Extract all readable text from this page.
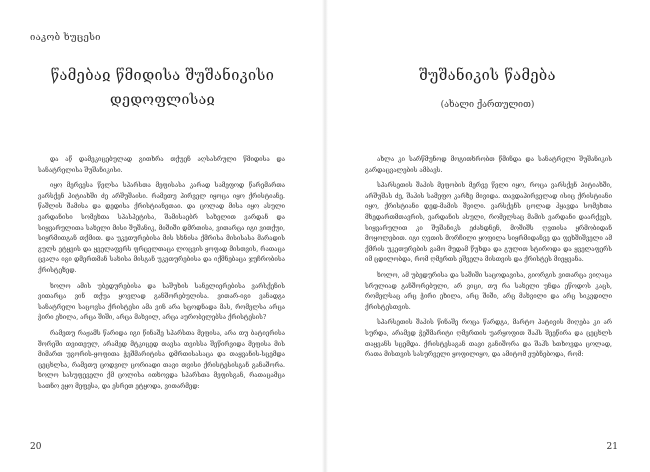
იაკობ ხუცესი
წამებაჲ წმიდისა შუშანიკისი
დედოფლისაჲ

და აწ დამეკიცებულად გითხრა თქუენ აღსასრული წმიდისა და სანატრელისა შუშანიკისი.

იყო მერვესა წელსა სპარსთა მეფისასა კარად სამეფოდ წარემართა ვარსქენ პიტიახში ძე არშუშაისი. რამეთუ პირველ იყოცა იყო ქრისტიანე. წაშლის შამისა და დედისა ქრისტიანეთაი. და ცოლად მისა იყო ასული ვარდანისი სომეხთა სპასპეტისა, შამისაებრ სახელით ვარდან და სიყვარულითა სახელი მისი შუშანიკ, მიშიში დმრთისა, ვითარცა იგი ვითქუი, სიყრმითგან თქმით. და უკეთურებისა მის სხნისა ქმრისა მისისასა მარადის გულს ეტყვის და ყველაფერს ფრცელთაცა ლოცვის ყოფად მისთვის, რათაცა ცვალა იგი დმერთმან სახისა მისგან უკეთურებისა და იქმნებაცა ჯუჩრობისა ქრისტეზედ.

ხოლო ამის უბედურებისა და საშუხის სანელიერებისა ვარსქენის ვითარცა ვინ თქუა ყოვლად განშორებულისა. ვითარ-იგი ვანადგა სანატრელი საცოვსა ქრისტესი ამა ვინ არა სცოდნადა მას, რომელსა არცა ჭირი ეხილა, არცა შიში, არცა მახვილ, არცა აურობელებსა ქრისტესის?

რამეთუ რაჟამს წარიდა იგი წინაშე სპარსთა მეფისა, არა თუ ბატიერისა შორეში თვითეულ, არამედ მტკიცედ თავსა თვისსა შეწირვიდა მეფისა მის მიმართ უგორის-ყოფითა ჭეშმარიტისა დმრთისასაცა და თაყვანის-სცემდა ცეცხლსა, რამეთუ ცოდვილ ცორიადი თავი თვისი ქრისტესისგან განაშორა. ხოლო სასუფეველი ქმ ცოლისა ითხოვდა სპარსთა მეფისგან, რათაცამცა სათნო ეყო მეფესა, და ესრეთ ეტყოდა, ვითარმედ:

20
შუშანიკის წამება
(ახალი ქართულით)

ახლა კი სარწმუნოდ მოგითხრობთ წმინდა და სანატრელი შუშანიკის გარდაცვალების ამბავს.

სპარსეთის შაჰის მეფობის მერვე წელი იყო, როცა ვარსქენ პიტიახში, არშუშას ძე, შაჰის სამეფო კარზე მივიდა. თავდაპირველად ისიც ქრისტიანი იყო, ქრისტიანი დედ-მამის შვილი. ვარსქენს ცოლად ჰყავდა სომეხთა მხედართმთავრის, ვარდანის ასული, რომელსაც მამის ვარდანი დაარქვეს, სიყვარულით კი შუშანიკს ეძახდნენ, მოშიშს ღვთისა ყრმობიდან მოყოლებით. იგი ღვთის მორჩილი ყოფილა სიყრმიდანვე და ფეხშიშველი ამ ქმრის უკეთურების გამო მუდამ წუხდა და გულით სტიროდა და ყველაფერს იმ ცდილობდა, რომ ღმერთს ეშველა მისთვის და ქრისტეს მიეყვანა.

ხოლო, ამ უბედურისა და საშიში საცოდავისა, გიორგის ვითარცა ვიღაცა სრულიად განშორებული, არ ვიცი, თუ რა სახელი უნდა ეწოდოს კაცს, რომელსაც არც ჭირი ეხილა, არც შიში, არც მახვილი და არც სიკვდილი ქრისტესთვის.

სპარსეთის შაჰის წინაშე როცა წარდგა, მარტო პატივის მიღება კი არ სურდა, არამედ ჭეშმარიტი ღმერთის უარყოფით შაჰს შეეწირა და ცეცხლს თაყვანს სცემდა. ქრისტესაგან თავი განიშორა და შაჰს სთხოვდა ცოლად, რათა მისთვის სასურველი ყოფილიყო, და ამიტომ ეუბნებოდა, რომ:

21
